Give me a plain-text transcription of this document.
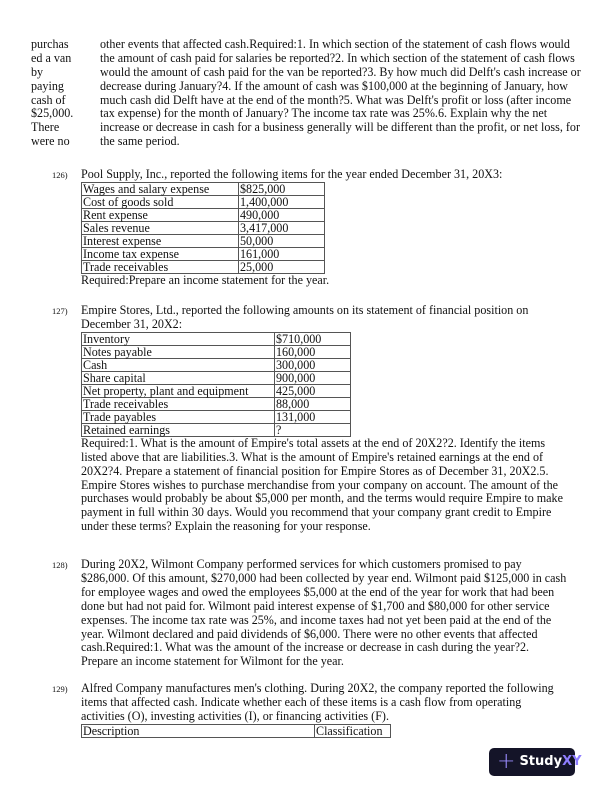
purchas
ed a van
by
paying
cash of
$25,000.
There
were no
other events that affected cash.Required:1. In which section of the statement of cash flows would
the amount of cash paid for salaries be reported?2. In which section of the statement of cash flows
would the amount of cash paid for the van be reported?3. By how much did Delft's cash increase or
decrease during January?4. If the amount of cash was $100,000 at the beginning of January, how
much cash did Delft have at the end of the month?5. What was Delft's profit or loss (after income
tax expense) for the month of January? The income tax rate was 25%.6. Explain why the net
increase or decrease in cash for a business generally will be different than the profit, or net loss, for
the same period.
126) Pool Supply, Inc., reported the following items for the year ended December 31, 20X3:

Wages and salary expense	$825,000
Cost of goods sold	1,400,000
Rent expense	490,000
Sales revenue	3,417,000
Interest expense	50,000
Income tax expense	161,000
Trade receivables	25,000

Required:Prepare an income statement for the year.

127) Empire Stores, Ltd., reported the following amounts on its statement of financial position on

December 31, 20X2:

Inventory	$710,000
Notes payable	160,000
Cash	300,000
Share capital	900,000
Net property, plant and equipment	425,000
Trade receivables	88,000
Trade payables	131,000
Retained earnings	?

Required:1. What is the amount of Empire's total assets at the end of 20X2?2. Identify the items

listed above that are liabilities.3. What is the amount of Empire's retained earnings at the end of

20X2?4. Prepare a statement of financial position for Empire Stores as of December 31, 20X2.5.

Empire Stores wishes to purchase merchandise from your company on account. The amount of the

purchases would probably be about $5,000 per month, and the terms would require Empire to make

payment in full within 30 days. Would you recommend that your company grant credit to Empire

under these terms? Explain the reasoning for your response.

128) During 20X2, Wilmont Company performed services for which customers promised to pay

$286,000. Of this amount, $270,000 had been collected by year end. Wilmont paid $125,000 in cash

for employee wages and owed the employees $5,000 at the end of the year for work that had been

done but had not paid for. Wilmont paid interest expense of $1,700 and $80,000 for other service

expenses. The income tax rate was 25%, and income taxes had not yet been paid at the end of the

year. Wilmont declared and paid dividends of $6,000. There were no other events that affected

cash.Required:1. What was the amount of the increase or decrease in cash during the year?2.

Prepare an income statement for Wilmont for the year.

129) Alfred Company manufactures men's clothing. During 20X2, the company reported the following

items that affected cash. Indicate whether each of these items is a cash flow from operating

activities (O), investing activities (I), or financing activities (F).

Description	Classification
+ StudyXY
